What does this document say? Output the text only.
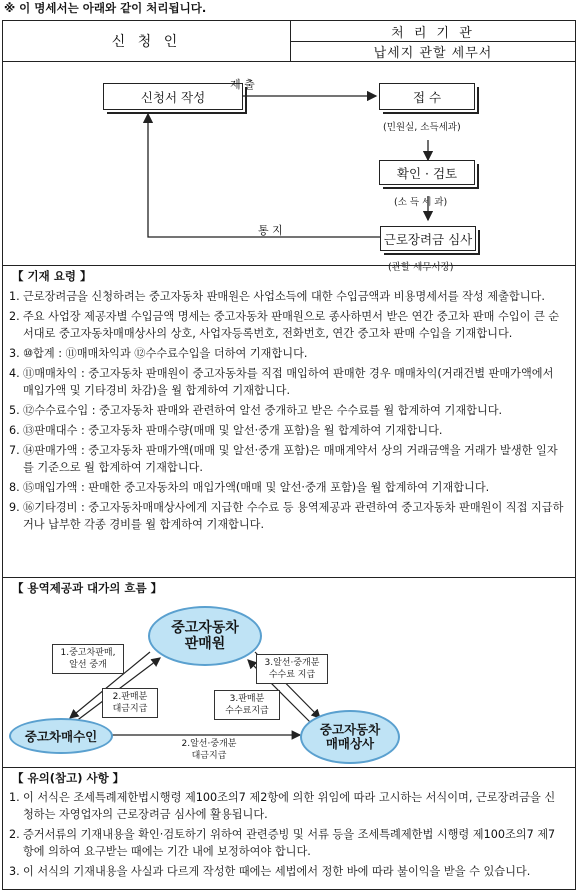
※ 이 명세서는 아래와 같이 처리됩니다.
신 청 인
처 리 기 관
납세지 관할 세무서
신청서 작성
제 출
접 수
(민원실, 소득세과)
확인 · 검토
(소 득 세 과)
통 지
근로장려금 심사
(관할 세무서장)
【 기재 요령 】
1. 근로장려금을 신청하려는 중고자동차 판매원은 사업소득에 대한 수입금액과 비용명세서를 작성 제출합니다.
2. 주요 사업장 제공자별 수입금액 명세는 중고자동차 판매원으로 종사하면서 받은 연간 중고차 판매 수입이 큰 순서대로 중고자동차매매상사의 상호, 사업자등록번호, 전화번호, 연간 중고차 판매 수입을 기재합니다.
3. ⑩합계 : ⑪매매차익과 ⑫수수료수입을 더하여 기재합니다.
4. ⑪매매차익 : 중고자동차 판매원이 중고자동차를 직접 매입하여 판매한 경우 매매차익(거래건별 판매가액에서 매입가액 및 기타경비 차감)을 월 합계하여 기재합니다.
5. ⑫수수료수입 : 중고자동차 판매와 관련하여 알선 중개하고 받은 수수료를 월 합계하여 기재합니다.
6. ⑬판매대수 : 중고자동차 판매수량(매매 및 알선·중개 포함)을 월 합계하여 기재합니다.
7. ⑭판매가액 : 중고자동차 판매가액(매매 및 알선·중개 포함)은 매매계약서 상의 거래금액을 거래가 발생한 일자를 기준으로 월 합계하여 기재합니다.
8. ⑮매입가액 : 판매한 중고자동차의 매입가액(매매 및 알선·중개 포함)을 월 합계하여 기재합니다.
9. ⑯기타경비 : 중고자동차매매상사에게 지급한 수수료 등 용역제공과 관련하여 중고자동차 판매원이 직접 지급하거나 납부한 각종 경비를 월 합계하여 기재합니다.
【 용역제공과 대가의 흐름 】
중고자동차
판매원
중고차매수인	중고자동차
매매상사
1.중고차판매,
알선 중개
2.판매분
대금지급
3.알선·중개분
수수료 지급
3.판매분
수수료지급
2.알선·중개분
대금지급
【 유의(참고) 사항 】
1. 이 서식은 조세특례제한법시행령 제100조의7 제2항에 의한 위임에 따라 고시하는 서식이며, 근로장려금을 신청하는 자영업자의 근로장려금 심사에 활용됩니다.
2. 증거서류의 기재내용을 확인·검토하기 위하여 관련증빙 및 서류 등을 조세특례제한법 시행령 제100조의7 제7항에 의하여 요구받는 때에는 기간 내에 보정하여야 합니다.
3. 이 서식의 기재내용을 사실과 다르게 작성한 때에는 세법에서 정한 바에 따라 불이익을 받을 수 있습니다.
